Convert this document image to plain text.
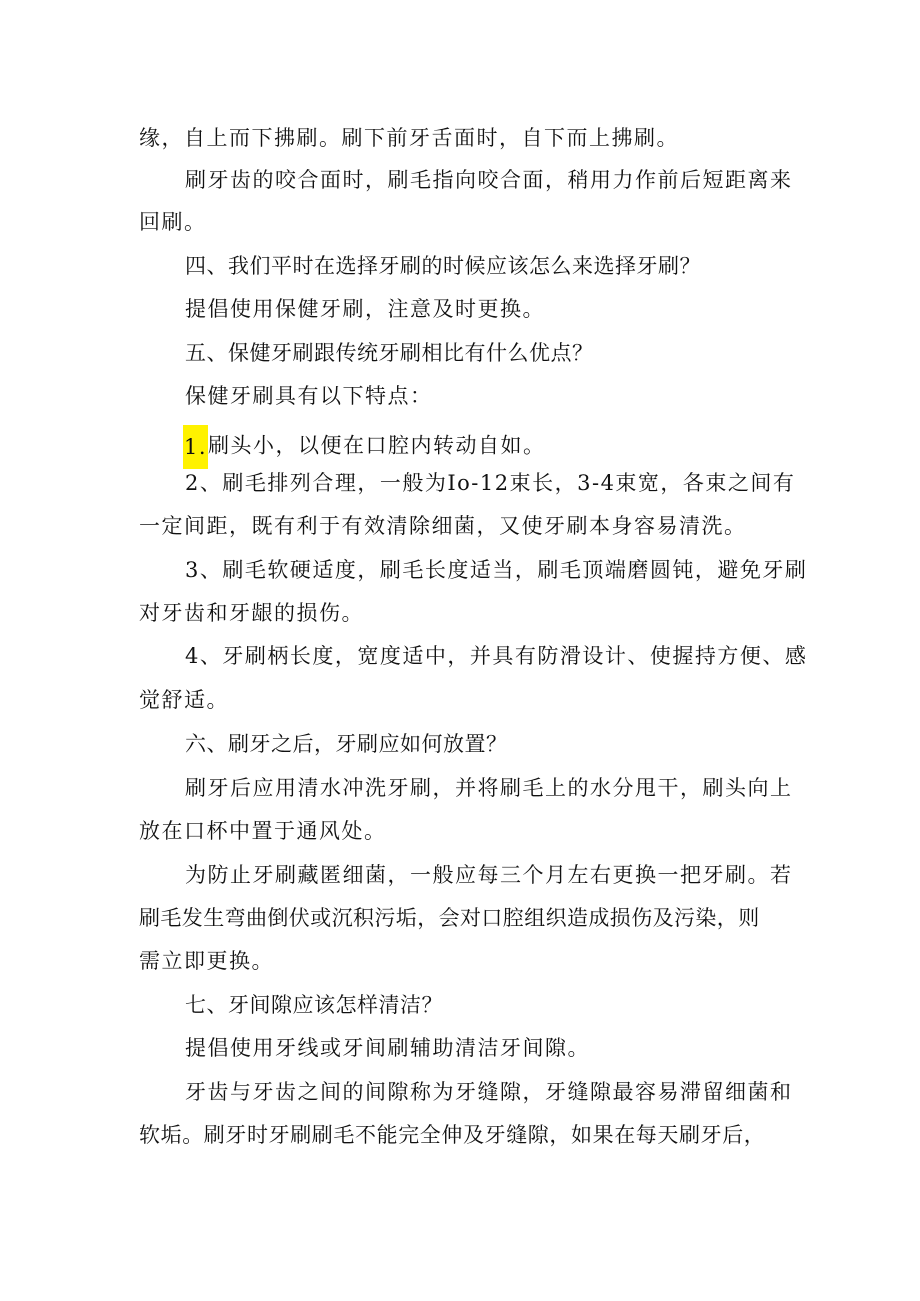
缘，自上而下拂刷。刷下前牙舌面时，自下而上拂刷。
刷牙齿的咬合面时，刷毛指向咬合面，稍用力作前后短距离来
回刷。
四、我们平时在选择牙刷的时候应该怎么来选择牙刷？
提倡使用保健牙刷，注意及时更换。
五、保健牙刷跟传统牙刷相比有什么优点？
保健牙刷具有以下特点：
1.刷头小，以便在口腔内转动自如。
2、刷毛排列合理，一般为Io-12束长，3-4束宽，各束之间有
一定间距，既有利于有效清除细菌，又使牙刷本身容易清洗。
3、刷毛软硬适度，刷毛长度适当，刷毛顶端磨圆钝，避免牙刷
对牙齿和牙龈的损伤。
4、牙刷柄长度，宽度适中，并具有防滑设计、使握持方便、感
觉舒适。
六、刷牙之后，牙刷应如何放置？
刷牙后应用清水冲洗牙刷，并将刷毛上的水分甩干，刷头向上
放在口杯中置于通风处。
为防止牙刷藏匿细菌，一般应每三个月左右更换一把牙刷。若
刷毛发生弯曲倒伏或沉积污垢，会对口腔组织造成损伤及污染，则
需立即更换。
七、牙间隙应该怎样清洁？
提倡使用牙线或牙间刷辅助清洁牙间隙。
牙齿与牙齿之间的间隙称为牙缝隙，牙缝隙最容易滞留细菌和
软垢。刷牙时牙刷刷毛不能完全伸及牙缝隙，如果在每天刷牙后，
